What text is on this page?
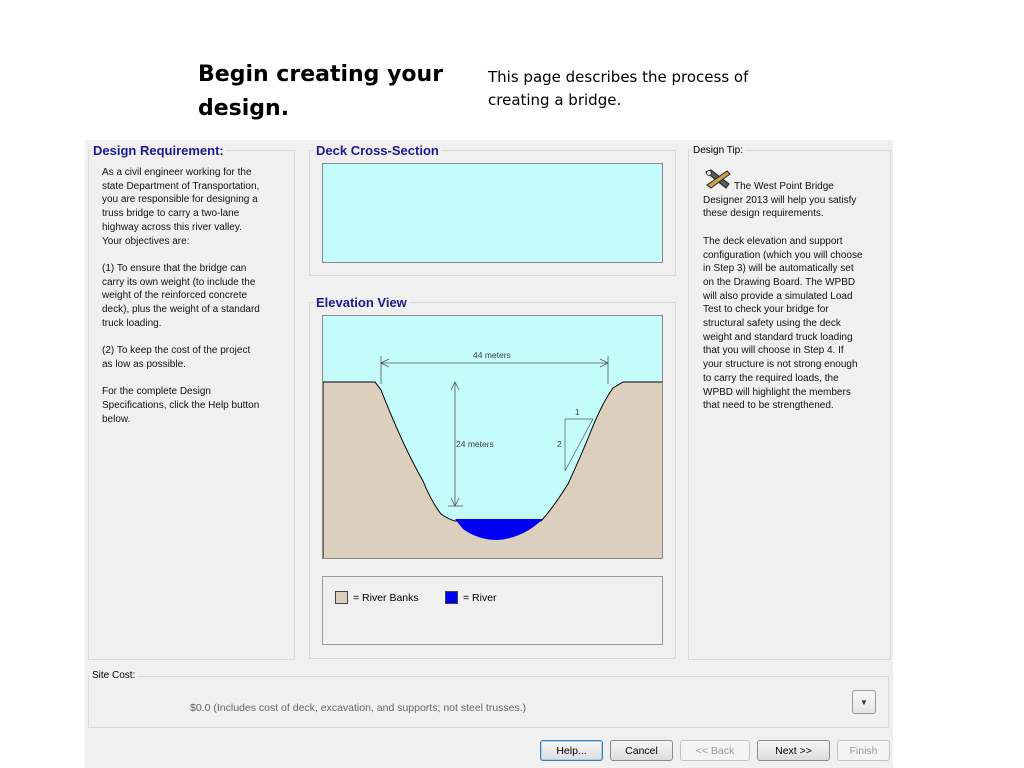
Begin creating your design.
This page describes the process of creating a bridge.
Design Requirement:
As a civil engineer working for the
state Department of Transportation,
you are responsible for designing a
truss bridge to carry a two-lane
highway across this river valley.
Your objectives are:

(1) To ensure that the bridge can
carry its own weight (to include the
weight of the reinforced concrete
deck), plus the weight of a standard
truck loading.

(2) To keep the cost of the project
as low as possible.

For the complete Design
Specifications, click the Help button
below.
Deck Cross-Section
Elevation View
44 meters
24 meters
1
2
= River Banks	= River
Design Tip:
The West Point Bridge
Designer 2013 will help you satisfy
these design requirements.

The deck elevation and support
configuration (which you will choose
in Step 3) will be automatically set
on the Drawing Board. The WPBD
will also provide a simulated Load
Test to check your bridge for
structural safety using the deck
weight and standard truck loading
that you will choose in Step 4. If
your structure is not strong enough
to carry the required loads, the
WPBD will highlight the members
that need to be strengthened.
Site Cost:
$0.0 (Includes cost of deck, excavation, and supports; not steel trusses.)	▼
Help...	Cancel	<< Back	Next >>	Finish
